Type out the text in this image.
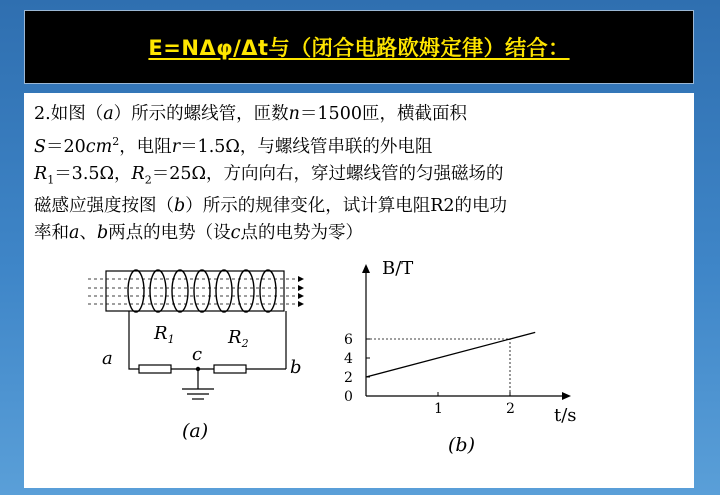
E=NΔφ/Δt与（闭合电路欧姆定律）结合：
2.如图（a）所示的螺线管，匝数n＝1500匝，横截面积
$S=20cm^2$，电阻r＝1.5Ω，与螺线管串联的外电阻
$R_1=3.5\Omega$，$R_2=25\Omega$，方向向右，穿过螺线管的匀强磁场的
磁感应强度按图（b）所示的规律变化，试计算电阻R2的电功
率和a、b两点的电势（设c点的电势为零）
a	b
c
$R_1$	$R_2$
(a)
B/T
t/s
0
2
4
6
1	2
(b)
